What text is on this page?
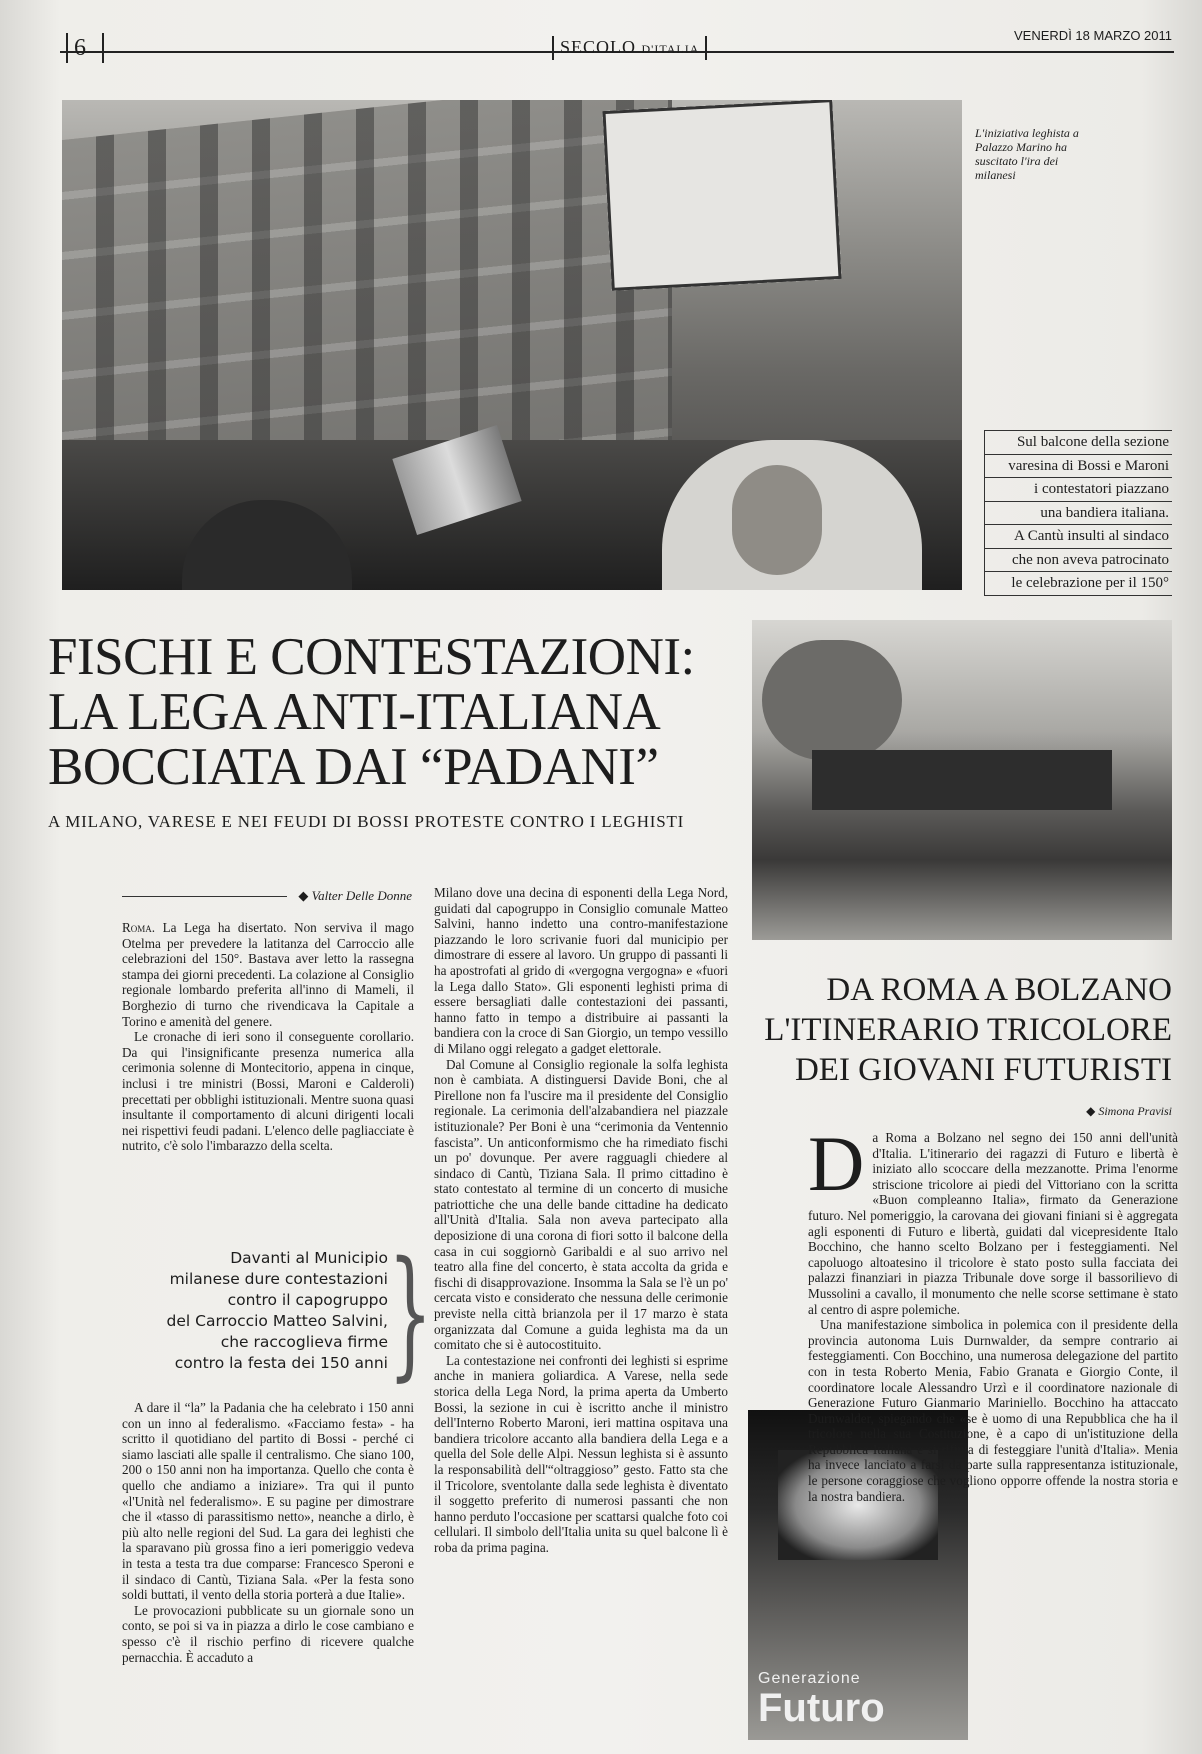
6	SECOLO D'ITALIA
VENERDÌ 18 MARZO 2011
L'iniziativa leghista a Palazzo Marino ha suscitato l'ira dei milanesi
Sul balcone della sezione
varesina di Bossi e Maroni
i contestatori piazzano
una bandiera italiana.
A Cantù insulti al sindaco
che non aveva patrocinato
le celebrazione per il 150°
FISCHI E CONTESTAZIONI:
LA LEGA ANTI-ITALIANA
BOCCIATA DAI “PADANI”
A MILANO, VARESE E NEI FEUDI DI BOSSI PROTESTE CONTRO I LEGHISTI
◆ Valter Delle Donne

Roma. La Lega ha disertato. Non serviva il mago Otelma per prevedere la latitanza del Carroccio alle celebrazioni del 150°. Bastava aver letto la rassegna stampa dei giorni precedenti. La colazione al Consiglio regionale lombardo preferita all'inno di Mameli, il Borghezio di turno che rivendicava la Capitale a Torino e amenità del genere.

Le cronache di ieri sono il conseguente corollario. Da qui l'insignificante presenza numerica alla cerimonia solenne di Montecitorio, appena in cinque, inclusi i tre ministri (Bossi, Maroni e Calderoli) precettati per obblighi istituzionali. Mentre suona quasi insultante il comportamento di alcuni dirigenti locali nei rispettivi feudi padani. L'elenco delle pagliacciate è nutrito, c'è solo l'imbarazzo della scelta.

Davanti al Municipio
milanese dure contestazioni
contro il capogruppo
del Carroccio Matteo Salvini,
che raccoglieva firme
contro la festa dei 150 anni }

A dare il “la” la Padania che ha celebrato i 150 anni con un inno al federalismo. «Facciamo festa» - ha scritto il quotidiano del partito di Bossi - perché ci siamo lasciati alle spalle il centralismo. Che siano 100, 200 o 150 anni non ha importanza. Quello che conta è quello che andiamo a iniziare». Tra qui il punto «l'Unità nel federalismo». E su pagine per dimostrare che il «tasso di parassitismo netto», neanche a dirlo, è più alto nelle regioni del Sud. La gara dei leghisti che la sparavano più grossa fino a ieri pomeriggio vedeva in testa a testa tra due comparse: Francesco Speroni e il sindaco di Cantù, Tiziana Sala. «Per la festa sono soldi buttati, il vento della storia porterà a due Italie».

Le provocazioni pubblicate su un giornale sono un conto, se poi si va in piazza a dirlo le cose cambiano e spesso c'è il rischio perfino di ricevere qualche pernacchia. È accaduto a

Milano dove una decina di esponenti della Lega Nord, guidati dal capogruppo in Consiglio comunale Matteo Salvini, hanno indetto una contro-manifestazione piazzando le loro scrivanie fuori dal municipio per dimostrare di essere al lavoro. Un gruppo di passanti li ha apostrofati al grido di «vergogna vergogna» e «fuori la Lega dallo Stato». Gli esponenti leghisti prima di essere bersagliati dalle contestazioni dei passanti, hanno fatto in tempo a distribuire ai passanti la bandiera con la croce di San Giorgio, un tempo vessillo di Milano oggi relegato a gadget elettorale.

Dal Comune al Consiglio regionale la solfa leghista non è cambiata. A distinguersi Davide Boni, che al Pirellone non fa l'uscire ma il presidente del Consiglio regionale. La cerimonia dell'alzabandiera nel piazzale istituzionale? Per Boni è una “cerimonia da Ventennio fascista”. Un anticonformismo che ha rimediato fischi un po' dovunque. Per avere ragguagli chiedere al sindaco di Cantù, Tiziana Sala. Il primo cittadino è stato contestato al termine di un concerto di musiche patriottiche che una delle bande cittadine ha dedicato all'Unità d'Italia. Sala non aveva partecipato alla deposizione di una corona di fiori sotto il balcone della casa in cui soggiornò Garibaldi e al suo arrivo nel teatro alla fine del concerto, è stata accolta da grida e fischi di disapprovazione. Insomma la Sala se l'è un po' cercata visto e considerato che nessuna delle cerimonie previste nella città brianzola per il 17 marzo è stata organizzata dal Comune a guida leghista ma da un comitato che si è autocostituito.

La contestazione nei confronti dei leghisti si esprime anche in maniera goliardica. A Varese, nella sede storica della Lega Nord, la prima aperta da Umberto Bossi, la sezione in cui è iscritto anche il ministro dell'Interno Roberto Maroni, ieri mattina ospitava una bandiera tricolore accanto alla bandiera della Lega e a quella del Sole delle Alpi. Nessun leghista si è assunto la responsabilità dell'“oltraggioso” gesto. Fatto sta che il Tricolore, sventolante dalla sede leghista è diventato il soggetto preferito di numerosi passanti che non hanno perduto l'occasione per scattarsi qualche foto coi cellulari. Il simbolo dell'Italia unita su quel balcone lì è roba da prima pagina.

DA ROMA A BOLZANO
L'ITINERARIO TRICOLORE
DEI GIOVANI FUTURISTI
◆ Simona Pravisi
Generazione
Futuro

Da Roma a Bolzano nel segno dei 150 anni dell'unità d'Italia. L'itinerario dei ragazzi di Futuro e libertà è iniziato allo scoccare della mezzanotte. Prima l'enorme striscione tricolore ai piedi del Vittoriano con la scritta «Buon compleanno Italia», firmato da Generazione futuro. Nel pomeriggio, la carovana dei giovani finiani si è aggregata agli esponenti di Futuro e libertà, guidati dal vicepresidente Italo Bocchino, che hanno scelto Bolzano per i festeggiamenti. Nel capoluogo altoatesino il tricolore è stato posto sulla facciata dei palazzi finanziari in piazza Tribunale dove sorge il bassorilievo di Mussolini a cavallo, il monumento che nelle scorse settimane è stato al centro di aspre polemiche.

Una manifestazione simbolica in polemica con il presidente della provincia autonoma Luis Durnwalder, da sempre contrario ai festeggiamenti. Con Bocchino, una numerosa delegazione del partito con in testa Roberto Menia, Fabio Granata e Giorgio Conte, il coordinatore locale Alessandro Urzì e il coordinatore nazionale di Generazione Futuro Gianmario Mariniello. Bocchino ha attaccato Durnwalder, spiegando che «se è uomo di una Repubblica che ha il tricolore nella sua Costituzione, è a capo di un'istituzione della Repubblica Italiana e si rifiuta di festeggiare l'unità d'Italia». Menia ha invece lanciato a farsi da parte sulla rappresentanza istituzionale, le persone coraggiose che vogliono opporre offende la nostra storia e la nostra bandiera.
